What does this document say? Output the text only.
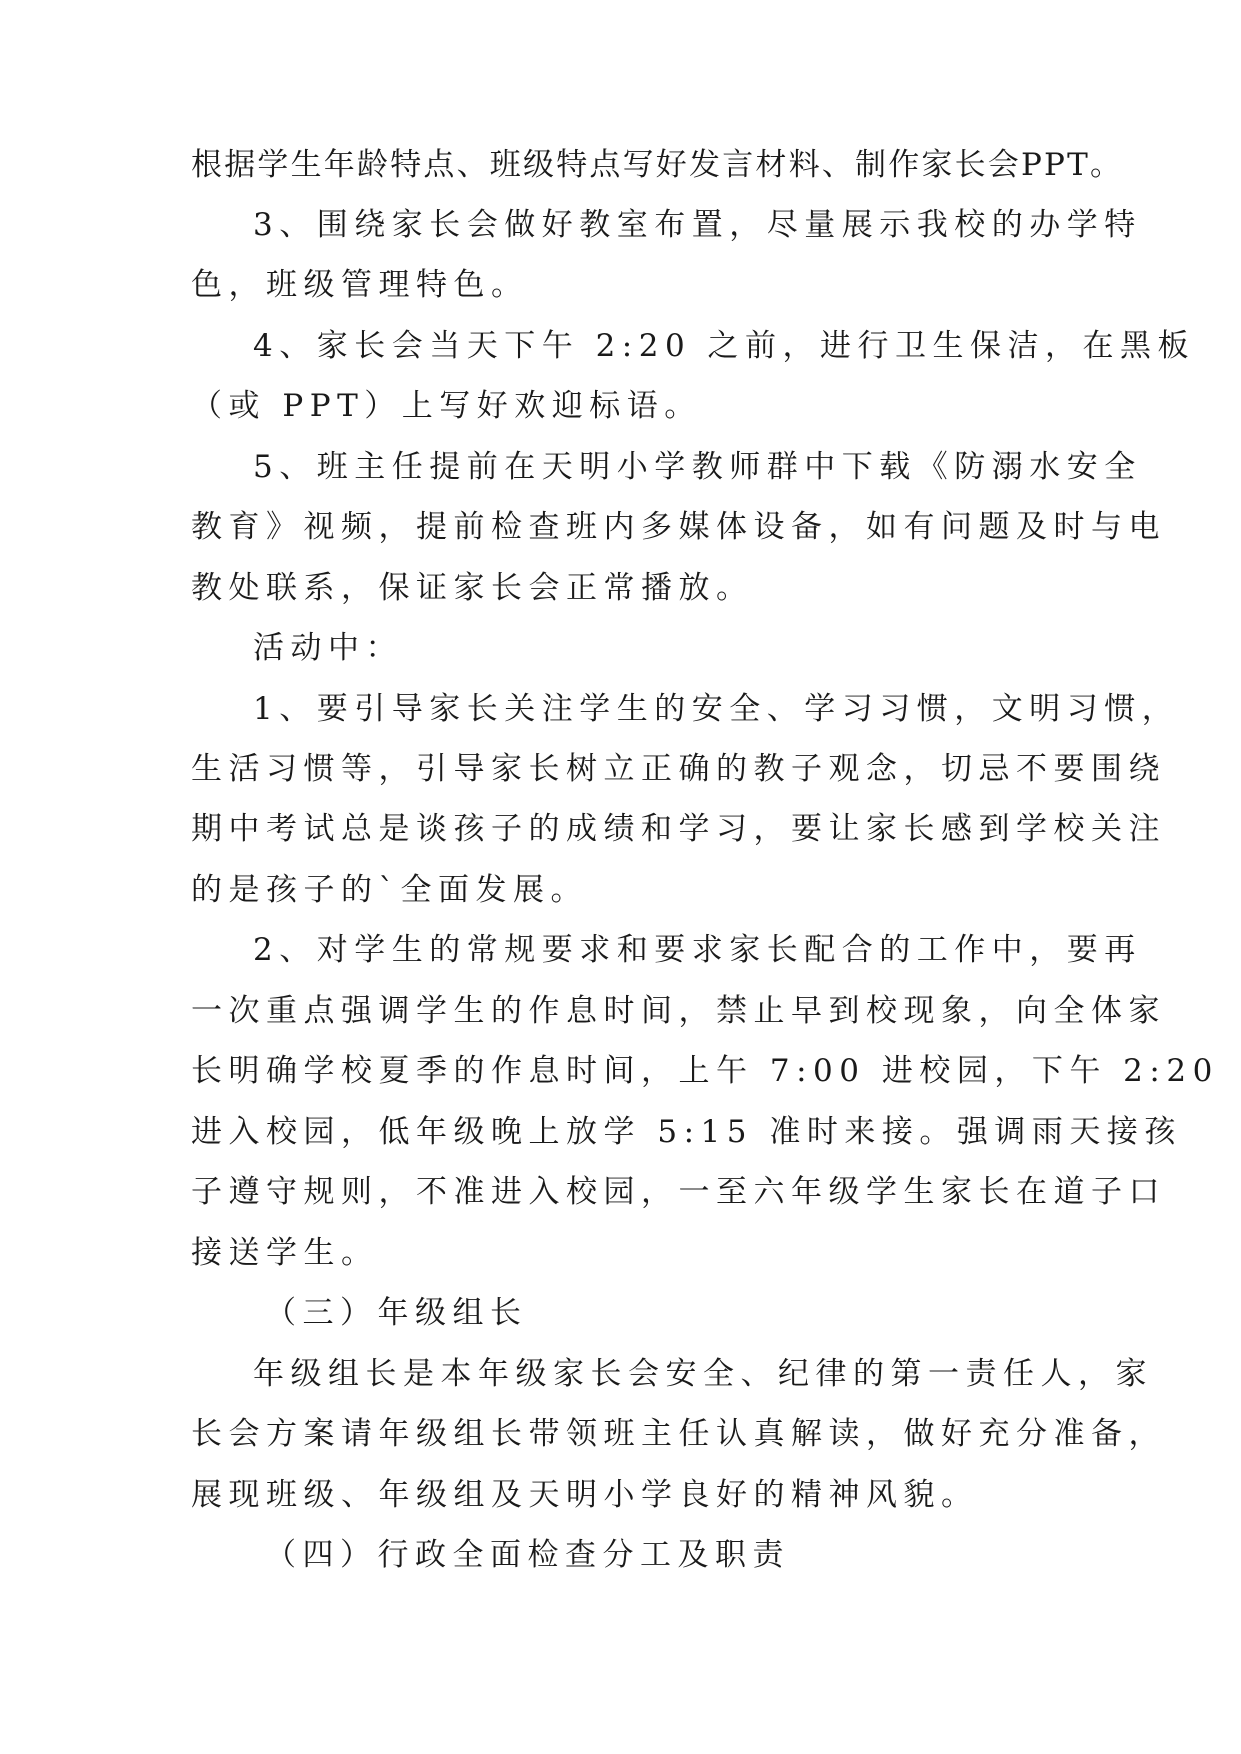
根据学生年龄特点、班级特点写好发言材料、制作家长会PPT。
3、围绕家长会做好教室布置，尽量展示我校的办学特
色，班级管理特色。
4、家长会当天下午 2:20 之前，进行卫生保洁，在黑板
（或 PPT）上写好欢迎标语。
5、班主任提前在天明小学教师群中下载《防溺水安全
教育》视频，提前检查班内多媒体设备，如有问题及时与电
教处联系，保证家长会正常播放。
活动中：
1、要引导家长关注学生的安全、学习习惯，文明习惯，
生活习惯等，引导家长树立正确的教子观念，切忌不要围绕
期中考试总是谈孩子的成绩和学习，要让家长感到学校关注
的是孩子的`全面发展。
2、对学生的常规要求和要求家长配合的工作中，要再
一次重点强调学生的作息时间，禁止早到校现象，向全体家
长明确学校夏季的作息时间，上午 7:00 进校园，下午 2:20
进入校园，低年级晚上放学 5:15 准时来接。强调雨天接孩
子遵守规则，不准进入校园，一至六年级学生家长在道子口
接送学生。
（三）年级组长
年级组长是本年级家长会安全、纪律的第一责任人，家
长会方案请年级组长带领班主任认真解读，做好充分准备，
展现班级、年级组及天明小学良好的精神风貌。
（四）行政全面检查分工及职责
